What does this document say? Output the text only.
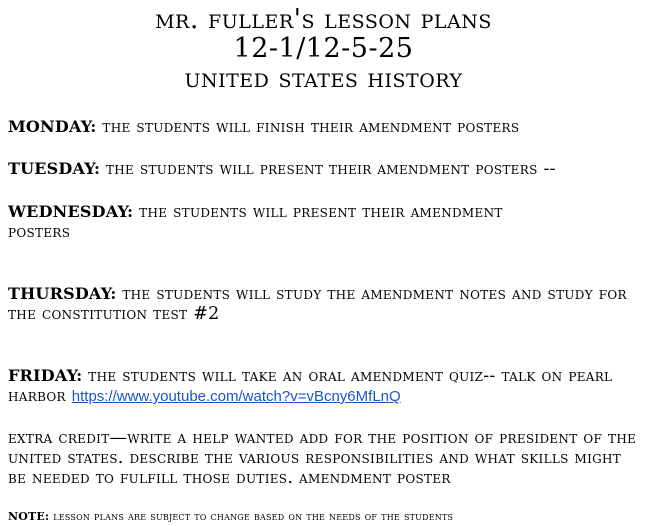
mr. fuller's lesson plans
12-1/12-5-25
united states history
MONDAY: the students will finish their amendment posters
TUESDAY: the students will present their amendment posters --
WEDNESDAY: the students will present their amendment posters
THURSDAY: the students will study the amendment notes and study for the constitution test #2
FRIDAY: the students will take an oral amendment quiz-- talk on pearl harbor https://www.youtube.com/watch?v=vBcny6MfLnQ
extra credit—write a help wanted add for the position of president of the united states. describe the various responsibilities and what skills might be needed to fulfill those duties. amendment poster
NOTE: lesson plans are subject to change based on the needs of the students
